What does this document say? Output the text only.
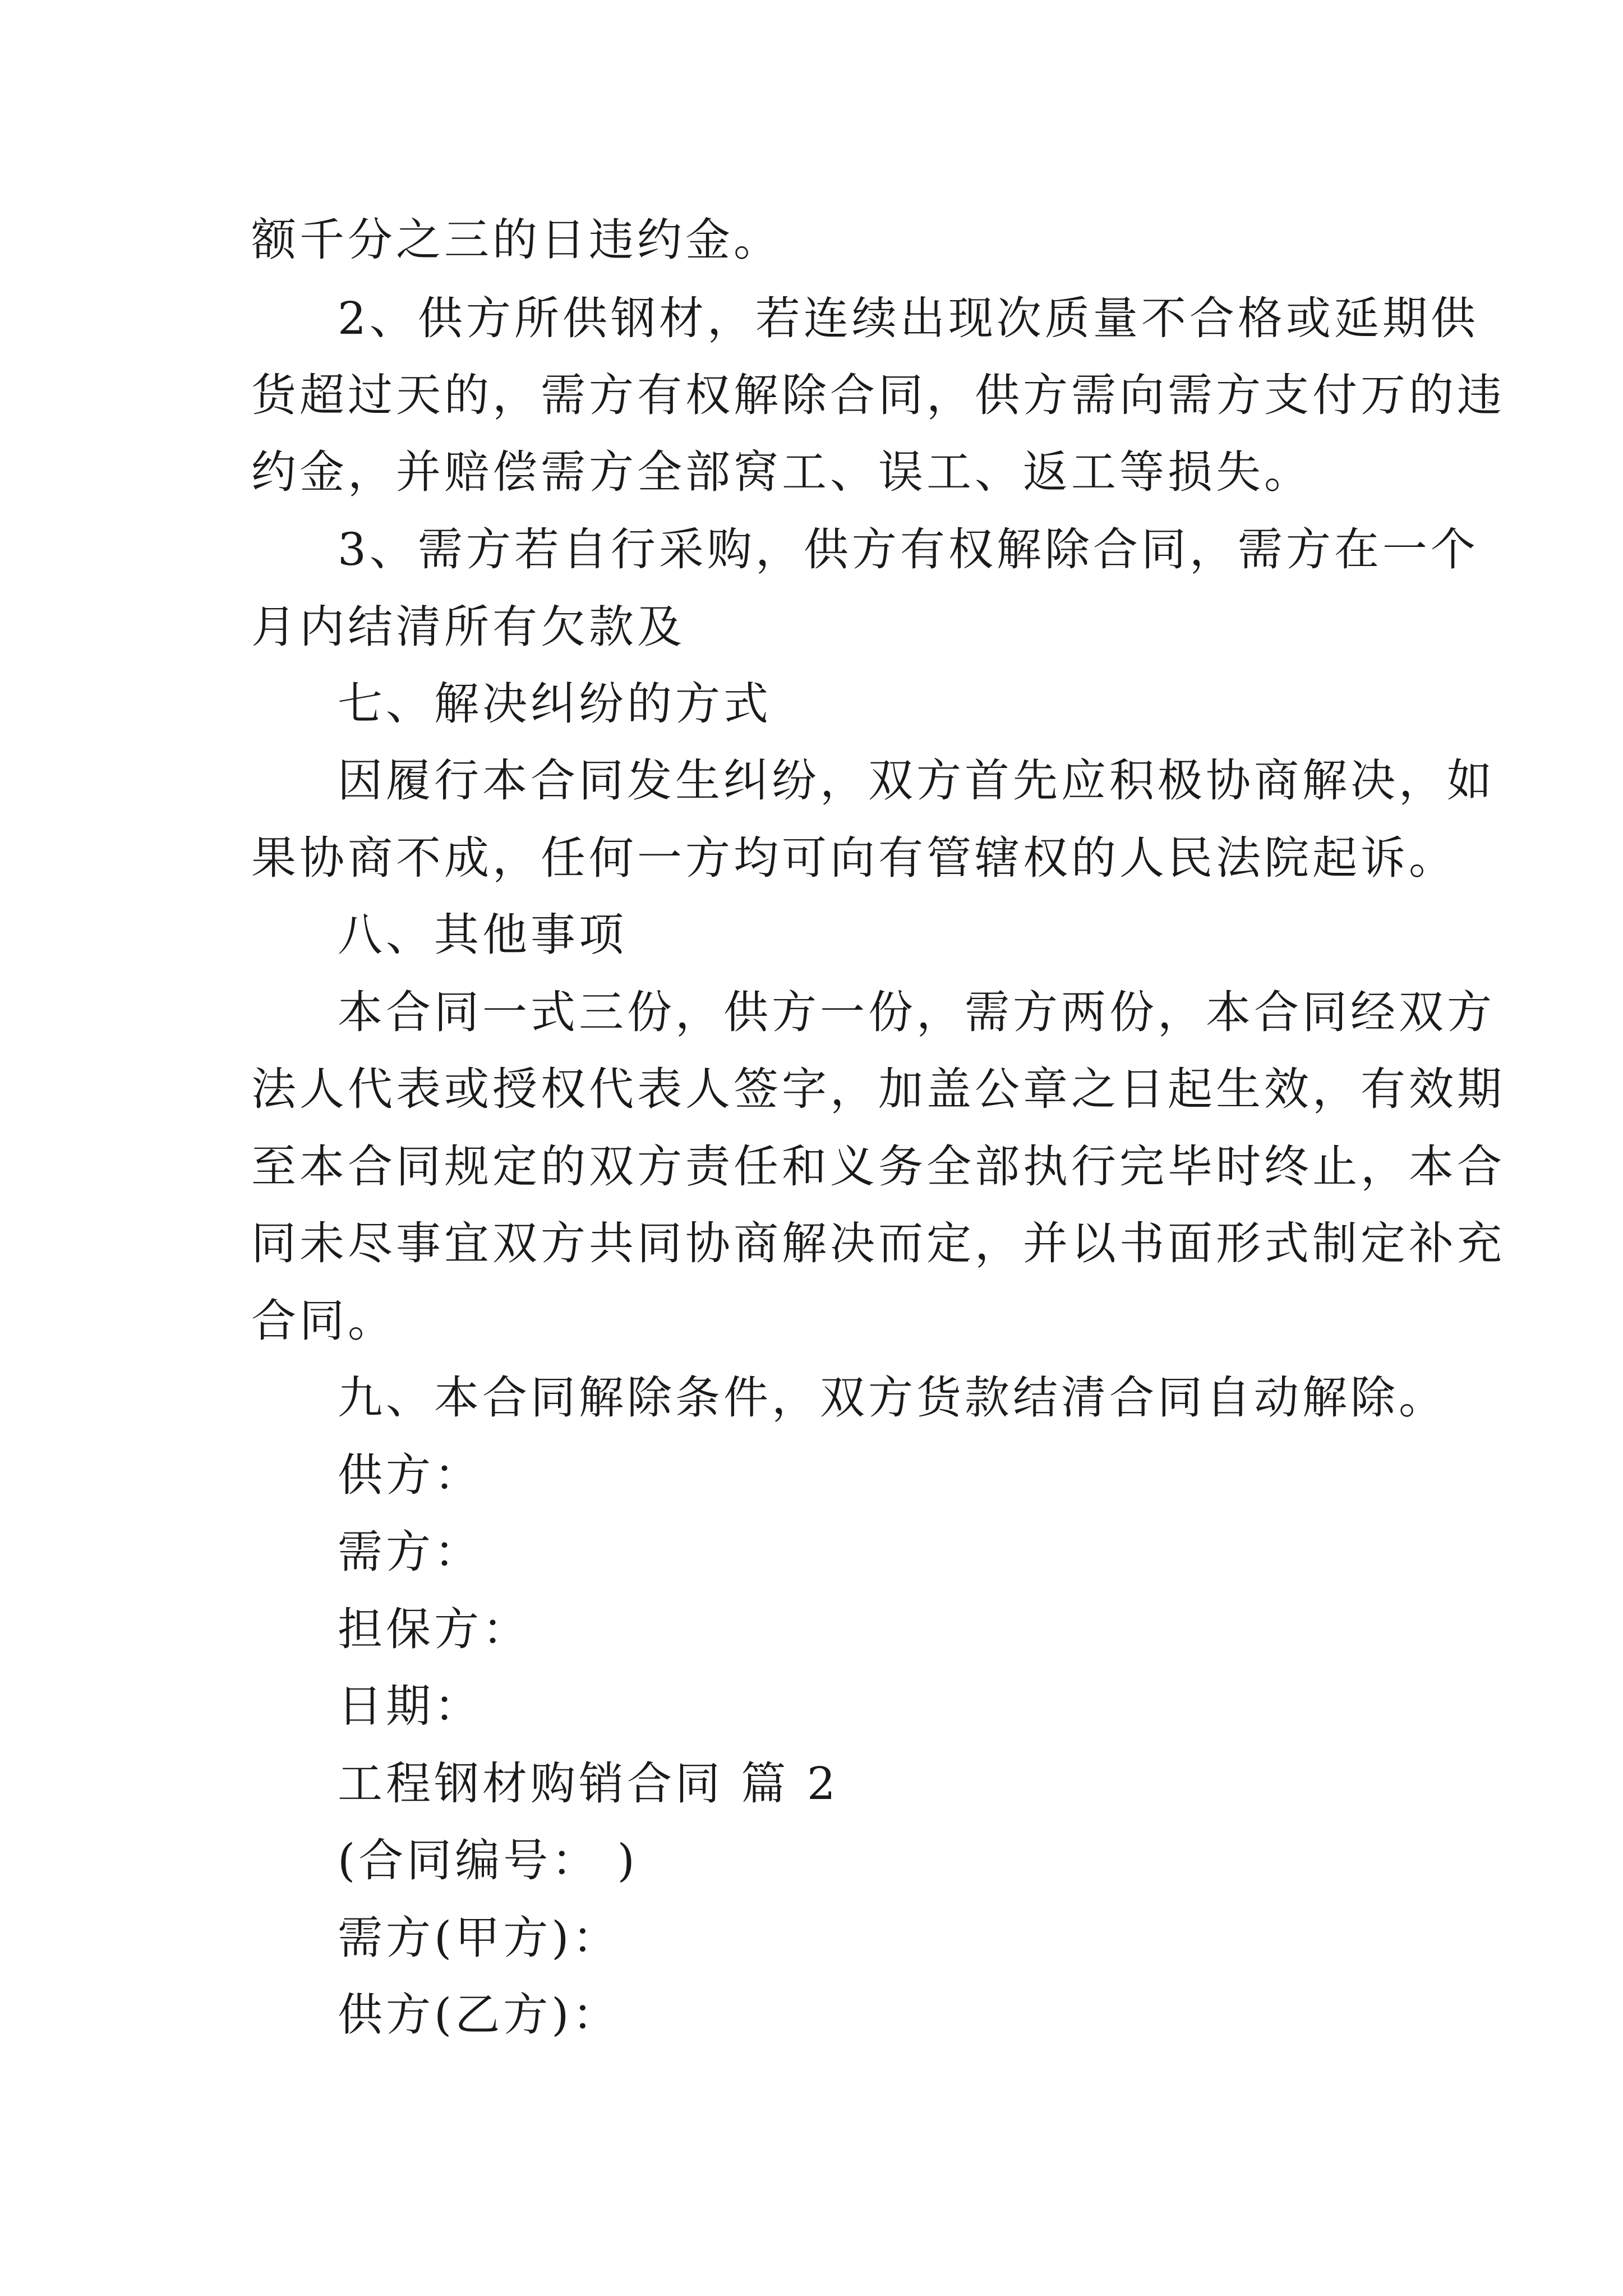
额千分之三的日违约金。

2、供方所供钢材，若连续出现次质量不合格或延期供

货超过天的，需方有权解除合同，供方需向需方支付万的违

约金，并赔偿需方全部窝工、误工、返工等损失。

3、需方若自行采购，供方有权解除合同，需方在一个

月内结清所有欠款及

七、解决纠纷的方式

因履行本合同发生纠纷，双方首先应积极协商解决，如

果协商不成，任何一方均可向有管辖权的人民法院起诉。

八、其他事项

本合同一式三份，供方一份，需方两份，本合同经双方

法人代表或授权代表人签字，加盖公章之日起生效，有效期

至本合同规定的双方责任和义务全部执行完毕时终止，本合

同未尽事宜双方共同协商解决而定，并以书面形式制定补充

合同。

九、本合同解除条件，双方货款结清合同自动解除。

供方：

需方：

担保方：

日期：

工程钢材购销合同 篇 2

(合同编号： )

需方(甲方)：

供方(乙方)：
